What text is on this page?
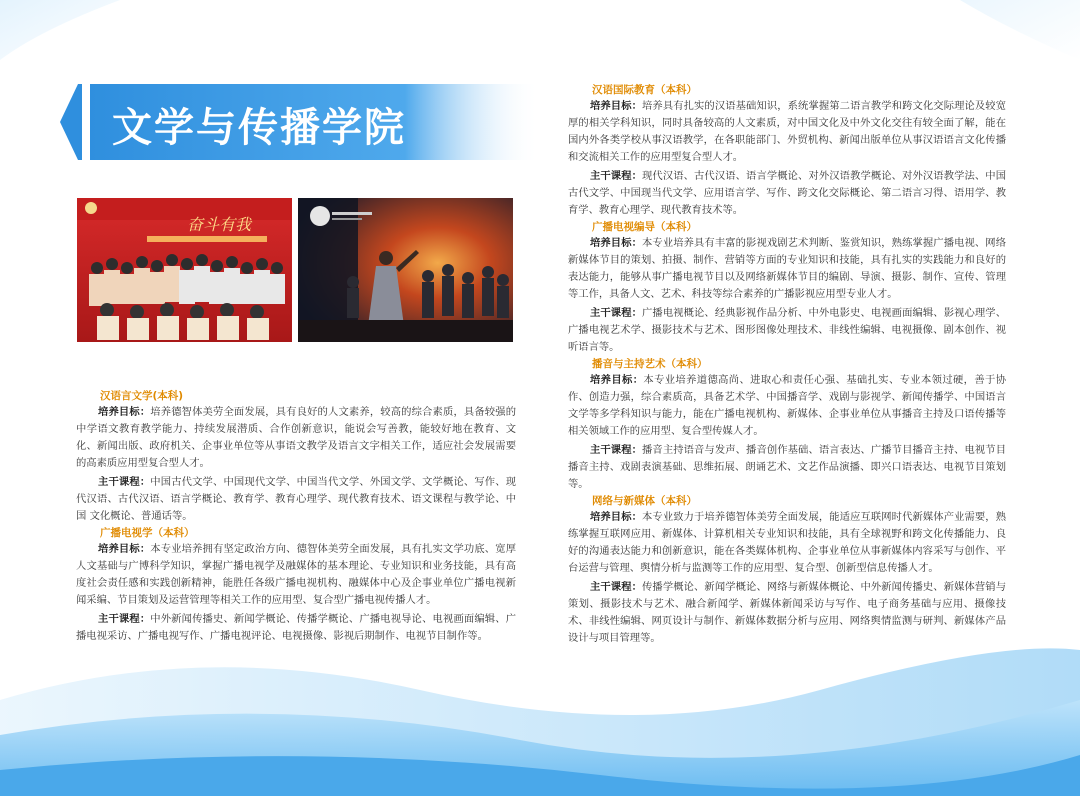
文学与传播学院
奋斗有我
汉语言文学(本科)

培养目标：培养德智体美劳全面发展，具有良好的人文素养，较高的综合素质，具备较强的中学语文教育教学能力、持续发展潜质、合作创新意识，能说会写善教，能较好地在教育、文化、新闻出版、政府机关、企事业单位等从事语文教学及语言文字相关工作，适应社会发展需要的高素质应用型复合型人才。

主干课程：中国古代文学、中国现代文学、中国当代文学、外国文学、文学概论、写作、现代汉语、古代汉语、语言学概论、教育学、教育心理学、现代教育技术、语文课程与教学论、中国 文化概论、普通话等。

广播电视学（本科）

培养目标：本专业培养拥有坚定政治方向、德智体美劳全面发展，具有扎实文学功底、宽厚人文基础与广博科学知识，掌握广播电视学及融媒体的基本理论、专业知识和业务技能，具有高度社会责任感和实践创新精神，能胜任各级广播电视机构、融媒体中心及企事业单位广播电视新闻采编、节目策划及运营管理等相关工作的应用型、复合型广播电视传播人才。

主干课程：中外新闻传播史、新闻学概论、传播学概论、广播电视导论、电视画面编辑、广播电视采访、广播电视写作、广播电视评论、电视摄像、影视后期制作、电视节目制作等。

汉语国际教育（本科）

培养目标：培养具有扎实的汉语基础知识，系统掌握第二语言教学和跨文化交际理论及较宽厚的相关学科知识，同时具备较高的人文素质，对中国文化及中外文化交往有较全面了解，能在国内外各类学校从事汉语教学，在各职能部门、外贸机构、新闻出版单位从事汉语语言文化传播和交流相关工作的应用型复合型人才。

主干课程：现代汉语、古代汉语、语言学概论、对外汉语教学概论、对外汉语教学法、中国古代文学、中国现当代文学、应用语言学、写作、跨文化交际概论、第二语言习得、语用学、教育学、教育心理学、现代教育技术等。

广播电视编导（本科）

培养目标：本专业培养具有丰富的影视戏剧艺术判断、鉴赏知识，熟练掌握广播电视、网络新媒体节目的策划、拍摄、制作、营销等方面的专业知识和技能，具有扎实的实践能力和良好的表达能力，能够从事广播电视节目以及网络新媒体节目的编剧、导演、摄影、制作、宣传、管理等工作，具备人文、艺术、科技等综合素养的广播影视应用型专业人才。

主干课程：广播电视概论、经典影视作品分析、中外电影史、电视画面编辑、影视心理学、广播电视艺术学、摄影技术与艺术、图形图像处理技术、非线性编辑、电视摄像、剧本创作、视听语言等。

播音与主持艺术（本科）

培养目标：本专业培养道德高尚、进取心和责任心强、基础扎实、专业本领过硬，善于协作、创造力强，综合素质高，具备艺术学、中国播音学、戏剧与影视学、新闻传播学、中国语言文学等多学科知识与能力，能在广播电视机构、新媒体、企事业单位从事播音主持及口语传播等相关领域工作的应用型、复合型传媒人才。

主干课程：播音主持语音与发声、播音创作基础、语言表达、广播节目播音主持、电视节目播音主持、戏剧表演基础、思维拓展、朗诵艺术、文艺作品演播、即兴口语表达、电视节目策划等。

网络与新媒体（本科）

培养目标：本专业致力于培养德智体美劳全面发展，能适应互联网时代新媒体产业需要，熟练掌握互联网应用、新媒体、计算机相关专业知识和技能，具有全球视野和跨文化传播能力、良好的沟通表达能力和创新意识，能在各类媒体机构、企事业单位从事新媒体内容采写与创作、平台运营与管理、舆情分析与监测等工作的应用型、复合型、创新型信息传播人才。

主干课程：传播学概论、新闻学概论、网络与新媒体概论、中外新闻传播史、新媒体营销与策划、摄影技术与艺术、融合新闻学、新媒体新闻采访与写作、电子商务基础与应用、摄像技术、非线性编辑、网页设计与制作、新媒体数据分析与应用、网络舆情监测与研判、新媒体产品设计与项目管理等。
